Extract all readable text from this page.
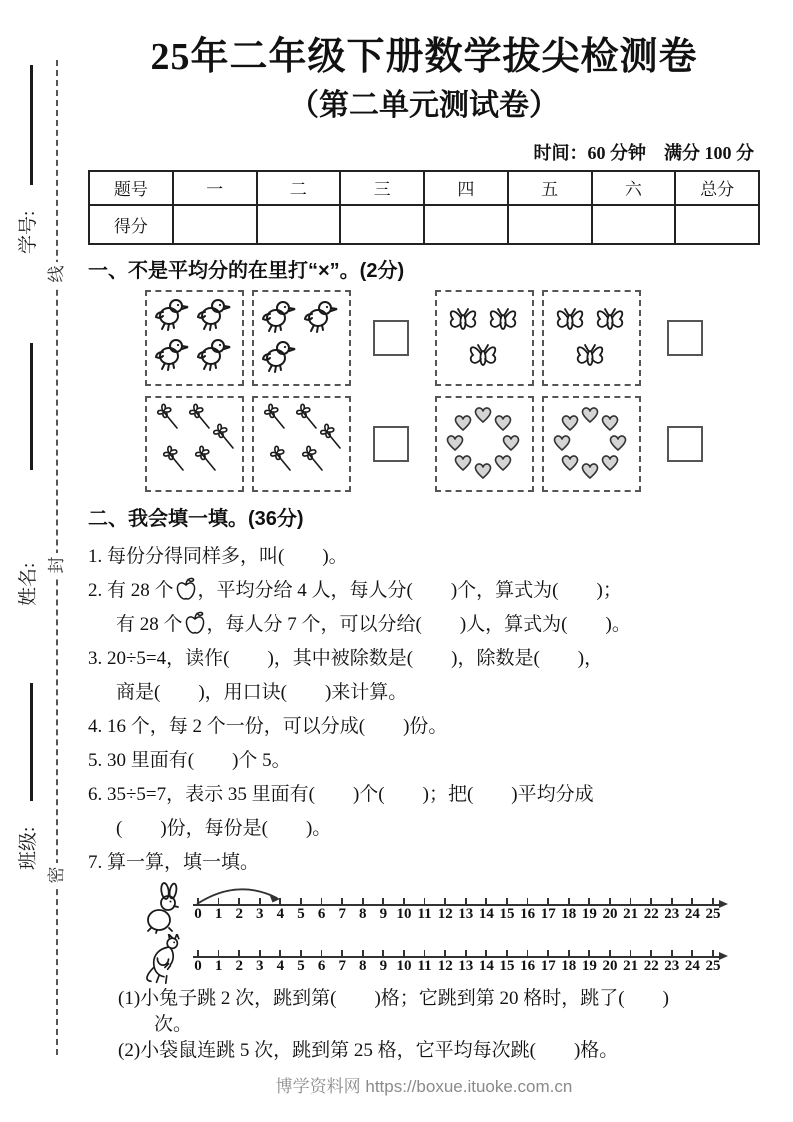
学号:
姓名:
班级:
线
封
密
25年二年级下册数学拔尖检测卷
（第二单元测试卷）
时间：60 分钟　满分 100 分
题号	一	二	三	四	五	六	总分
得分							
一、不是平均分的在里打“×”。(2分)
二、我会填一填。(36分)
1. 每份分得同样多，叫(　　)。
2. 有 28 个 ，平均分给 4 人，每人分(　　)个，算式为(　　)；
有 28 个 ，每人分 7 个，可以分给(　　)人，算式为(　　)。
3. 20÷5=4，读作(　　)，其中被除数是(　　)，除数是(　　)，
商是(　　)，用口诀(　　)来计算。
4. 16 个，每 2 个一份，可以分成(　　)份。
5. 30 里面有(　　)个 5。
6. 35÷5=7，表示 35 里面有(　　)个(　　)；把(　　)平均分成
(　　)份，每份是(　　)。
7. 算一算，填一填。
0 1 2 3 4 5 6 7 8 9 10 11 12 13 14 15 16 17 18 19 20 21 22 23 24 25
0 1 2 3 4 5 6 7 8 9 10 11 12 13 14 15 16 17 18 19 20 21 22 23 24 25
(1)小兔子跳 2 次，跳到第(　　)格；它跳到第 20 格时，跳了(　　)
次。
(2)小袋鼠连跳 5 次，跳到第 25 格，它平均每次跳(　　)格。
博学资料网 https://boxue.ituoke.com.cn
